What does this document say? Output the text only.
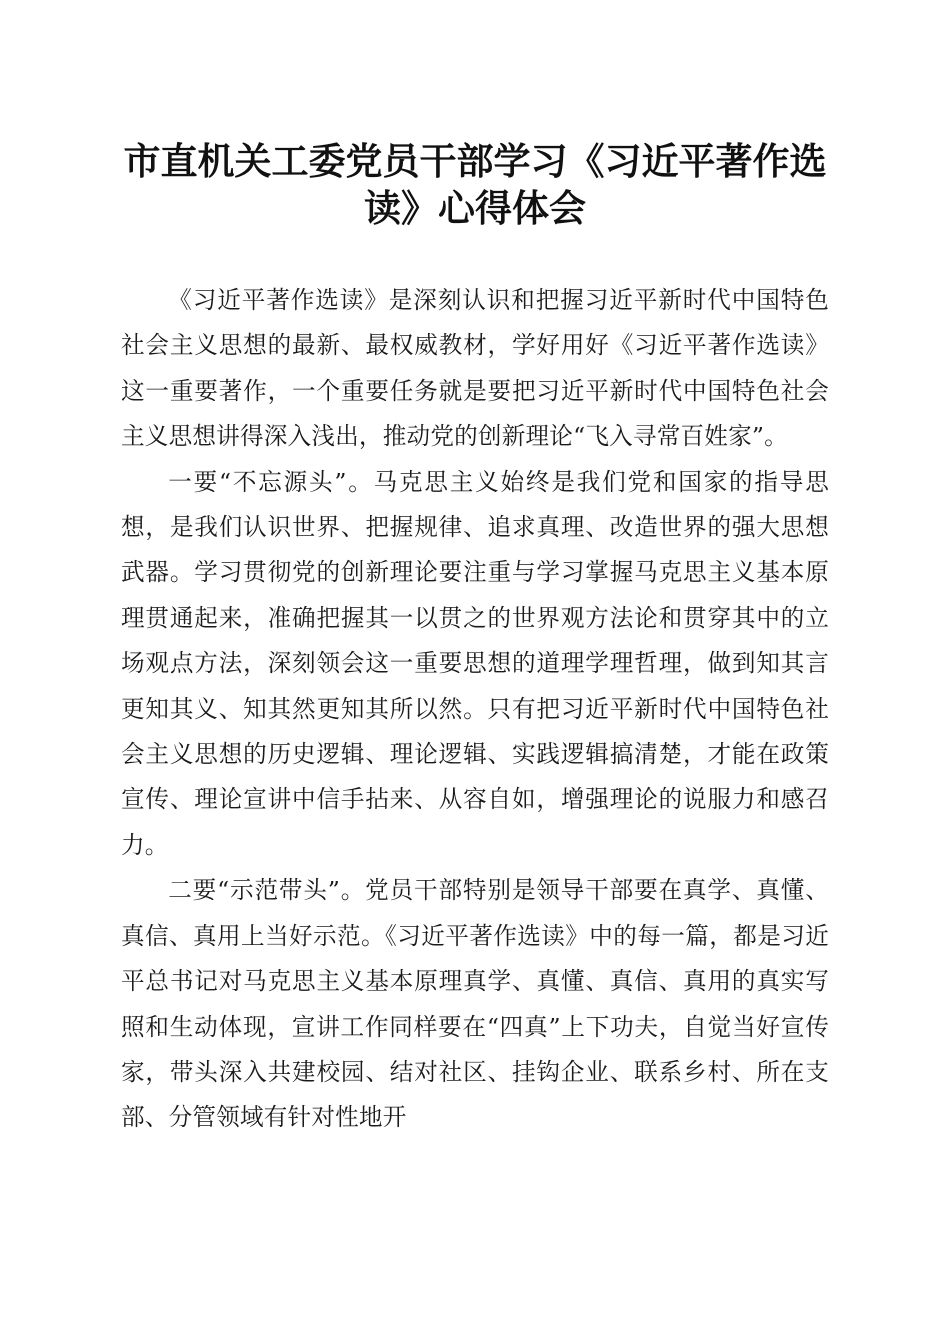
市直机关工委党员干部学习《习近平著作选读》心得体会

《习近平著作选读》是深刻认识和把握习近平新时代中国特色社会主义思想的最新、最权威教材，学好用好《习近平著作选读》这一重要著作，一个重要任务就是要把习近平新时代中国特色社会主义思想讲得深入浅出，推动党的创新理论“飞入寻常百姓家”。

一要“不忘源头”。马克思主义始终是我们党和国家的指导思想，是我们认识世界、把握规律、追求真理、改造世界的强大思想武器。学习贯彻党的创新理论要注重与学习掌握马克思主义基本原理贯通起来，准确把握其一以贯之的世界观方法论和贯穿其中的立场观点方法，深刻领会这一重要思想的道理学理哲理，做到知其言更知其义、知其然更知其所以然。只有把习近平新时代中国特色社会主义思想的历史逻辑、理论逻辑、实践逻辑搞清楚，才能在政策宣传、理论宣讲中信手拈来、从容自如，增强理论的说服力和感召力。

二要“示范带头”。党员干部特别是领导干部要在真学、真懂、真信、真用上当好示范。《习近平著作选读》中的每一篇，都是习近平总书记对马克思主义基本原理真学、真懂、真信、真用的真实写照和生动体现，宣讲工作同样要在“四真”上下功夫，自觉当好宣传家，带头深入共建校园、结对社区、挂钩企业、联系乡村、所在支部、分管领域有针对性地开
